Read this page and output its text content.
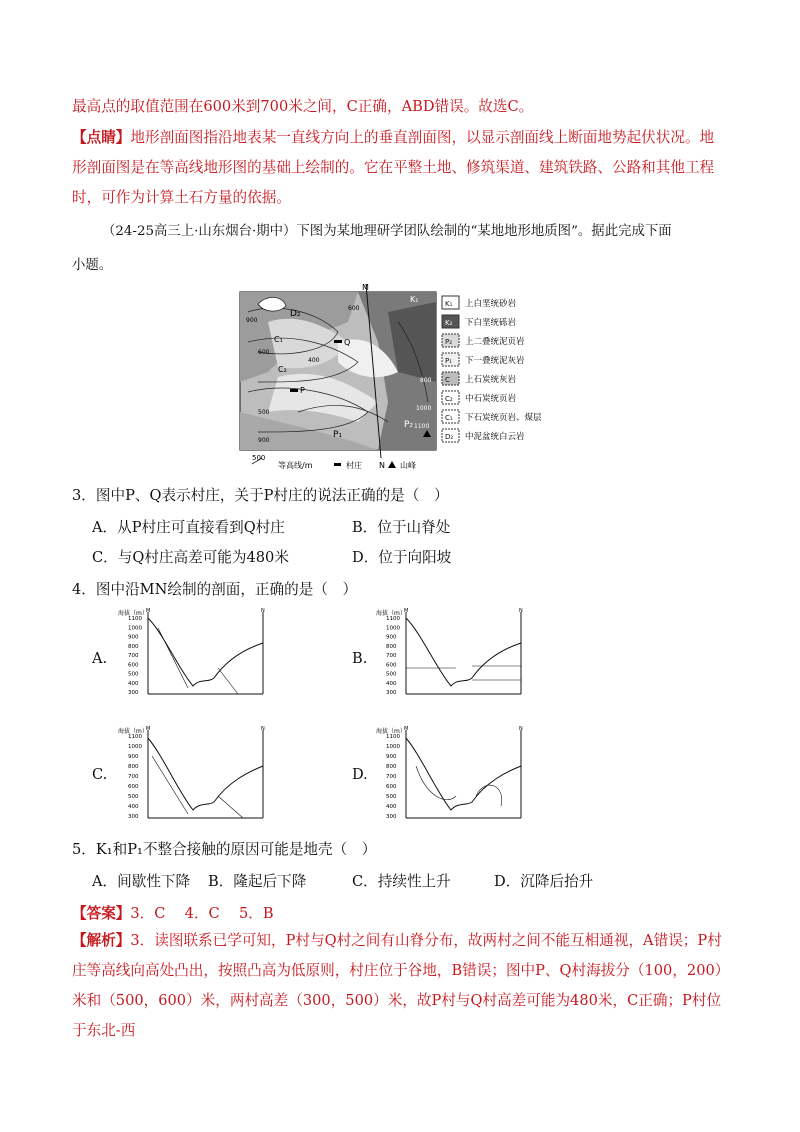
最高点的取值范围在600米到700米之间，C正确，ABD错误。故选C。
【点睛】地形剖面图指沿地表某一直线方向上的垂直剖面图，以显示剖面线上断面地势起伏状况。地形剖面图是在等高线地形图的基础上绘制的。它在平整土地、修筑渠道、建筑铁路、公路和其他工程时，可作为计算土石方量的依据。
（24-25高三上·山东烟台·期中）下图为某地理研学团队绘制的“某地地形地质图”。据此完成下面
小题。
M
N
Q
P
D₂
C₁
C₂
P₁
K₁
P₂
900
600
400
500
600
800
1000
1100
900
K₁ 上白垩统砂岩
K₂ 下白垩统砾岩
P₂ 上二叠统泥页岩
P₁ 下一叠统泥灰岩
C 上石炭统灰岩
C₂ 中石炭统页岩
C₁ 下石炭统页岩、煤层
D₂ 中泥盆统白云岩
500
等高线/m	村庄	山峰
3．图中P、Q表示村庄，关于P村庄的说法正确的是（　）
A．从P村庄可直接看到Q村庄	B．位于山脊处
C．与Q村庄高差可能为480米	D．位于向阳坡
4．图中沿MN绘制的剖面，正确的是（　）
A.	B.
C.	D.
海拔（m）
M	N
1100
1000
900
800
700
600
500
400
300
海拔（m）
M	N
1100
1000
900
800
700
600
500
400
300
海拔（m）
M	N
1100
1000
900
800
700
600
500
400
300
海拔（m）
M	N
1100
1000
900
800
700
600
500
400
300
5．K₁和P₁不整合接触的原因可能是地壳（　）
A．间歇性下降 B．隆起后下降	C．持续性上升	D．沉降后抬升
【答案】3．C　 4．C　 5．B
【解析】3．读图联系已学可知，P村与Q村之间有山脊分布，故两村之间不能互相通视，A错误；P村庄等高线向高处凸出，按照凸高为低原则，村庄位于谷地，B错误；图中P、Q村海拔分（100，200）米和（500，600）米，两村高差（300，500）米，故P村与Q村高差可能为480米，C正确；P村位于东北-西
